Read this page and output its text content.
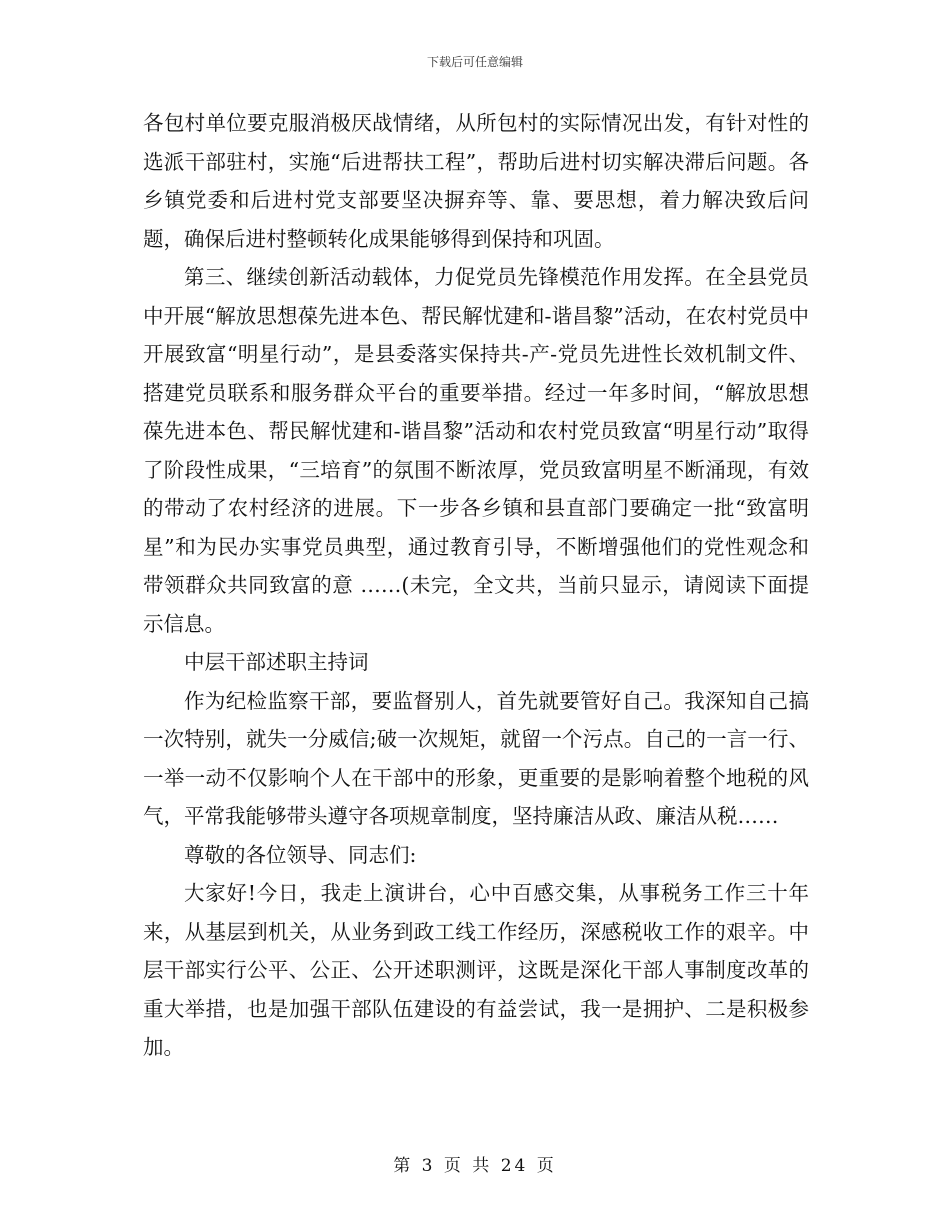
下载后可任意编辑

各包村单位要克服消极厌战情绪，从所包村的实际情况出发，有针对性的选派干部驻村，实施“后进帮扶工程”，帮助后进村切实解决滞后问题。各乡镇党委和后进村党支部要坚决摒弃等、靠、要思想，着力解决致后问题，确保后进村整顿转化成果能够得到保持和巩固。

第三、继续创新活动载体，力促党员先锋模范作用发挥。在全县党员中开展“解放思想葆先进本色、帮民解忧建和-谐昌黎”活动，在农村党员中开展致富“明星行动”，是县委落实保持共-产-党员先进性长效机制文件、搭建党员联系和服务群众平台的重要举措。经过一年多时间，“解放思想葆先进本色、帮民解忧建和-谐昌黎”活动和农村党员致富“明星行动”取得了阶段性成果，“三培育”的氛围不断浓厚，党员致富明星不断涌现，有效的带动了农村经济的进展。下一步各乡镇和县直部门要确定一批“致富明星”和为民办实事党员典型，通过教育引导，不断增强他们的党性观念和带领群众共同致富的意 ……(未完，全文共，当前只显示，请阅读下面提示信息。

中层干部述职主持词

作为纪检监察干部，要监督别人，首先就要管好自己。我深知自己搞一次特别，就失一分威信;破一次规矩，就留一个污点。自己的一言一行、一举一动不仅影响个人在干部中的形象，更重要的是影响着整个地税的风气，平常我能够带头遵守各项规章制度，坚持廉洁从政、廉洁从税……

尊敬的各位领导、同志们:

大家好!今日，我走上演讲台，心中百感交集，从事税务工作三十年来，从基层到机关，从业务到政工线工作经历，深感税收工作的艰辛。中层干部实行公平、公正、公开述职测评，这既是深化干部人事制度改革的重大举措，也是加强干部队伍建设的有益尝试，我一是拥护、二是积极参加。

第 3 页 共 24 页
